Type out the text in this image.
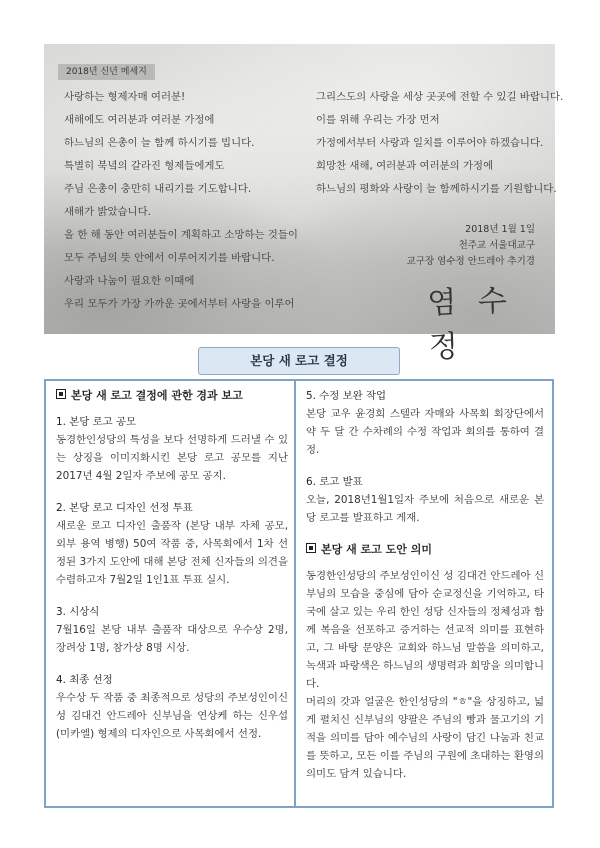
2018년 신년 메세지
사랑하는 형제자매 여러분!
새해에도 여러분과 여러분 가정에
하느님의 은총이 늘 함께 하시기를 빕니다.
특별히 북녘의 갈라진 형제들에게도
주님 은총이 충만히 내리기를 기도합니다.
새해가 밝았습니다.
올 한 해 동안 여러분들이 계획하고 소망하는 것들이
모두 주님의 뜻 안에서 이루어지기를 바랍니다.
사랑과 나눔이 필요한 이때에
우리 모두가 가장 가까운 곳에서부터 사랑을 이루어
그리스도의 사랑을 세상 곳곳에 전할 수 있길 바랍니다.
이를 위해 우리는 가장 먼저
가정에서부터 사랑과 일치를 이루어야 하겠습니다.
희망찬 새해, 여러분과 여러분의 가정에
하느님의 평화와 사랑이 늘 함께하시기를 기원합니다.
2018년 1월 1일
천주교 서울대교구
교구장 염수정 안드레아 추기경
염 수 정
본당 새 로고 결정
본당 새 로고 결정에 관한 경과 보고

1. 본당 로고 공모

동경한인성당의 특성을 보다 선명하게 드러낼 수 있는 상징을 이미지화시킨 본당 로고 공모를 지난 2017년 4월 2일자 주보에 공모 공지.

2. 본당 로고 디자인 선정 투표

새로운 로고 디자인 출품작 (본당 내부 자체 공모, 외부 용역 병행) 50여 작품 중, 사목회에서 1차 선정된 3가지 도안에 대해 본당 전체 신자들의 의견을 수렴하고자 7월2일 1인1표 투표 실시.

3. 시상식

7월16일 본당 내부 출품작 대상으로 우수상 2명, 장려상 1명, 참가상 8명 시상.

4. 최종 선정

우수상 두 작품 중 최종적으로 성당의 주보성인이신 성 김대건 안드레아 신부님을 연상케 하는 신우섭(미카엘) 형제의 디자인으로 사목회에서 선정.

5. 수정 보완 작업

본당 교우 윤경희 스텔라 자매와 사목회 회장단에서 약 두 달 간 수차례의 수정 작업과 회의를 통하여 결정.

6. 로고 발표

오늘, 2018년1월1일자 주보에 처음으로 새로운 본당 로고를 발표하고 게재.

본당 새 로고 도안 의미

동경한인성당의 주보성인이신 성 김대건 안드레아 신부님의 모습을 중심에 담아 순교정신을 기억하고, 타국에 살고 있는 우리 한인 성당 신자들의 정체성과 함께 복음을 선포하고 증거하는 선교적 의미를 표현하고, 그 바탕 문양은 교회와 하느님 말씀을 의미하고, 녹색과 파랑색은 하느님의 생명력과 희망을 의미합니다.

머리의 갓과 얼굴은 한인성당의 "ㅎ"을 상징하고, 넓게 펼치신 신부님의 양팔은 주님의 빵과 물고기의 기적을 의미를 담아 예수님의 사랑이 담긴 나눔과 친교를 뜻하고, 모든 이를 주님의 구원에 초대하는 환영의 의미도 담겨 있습니다.
